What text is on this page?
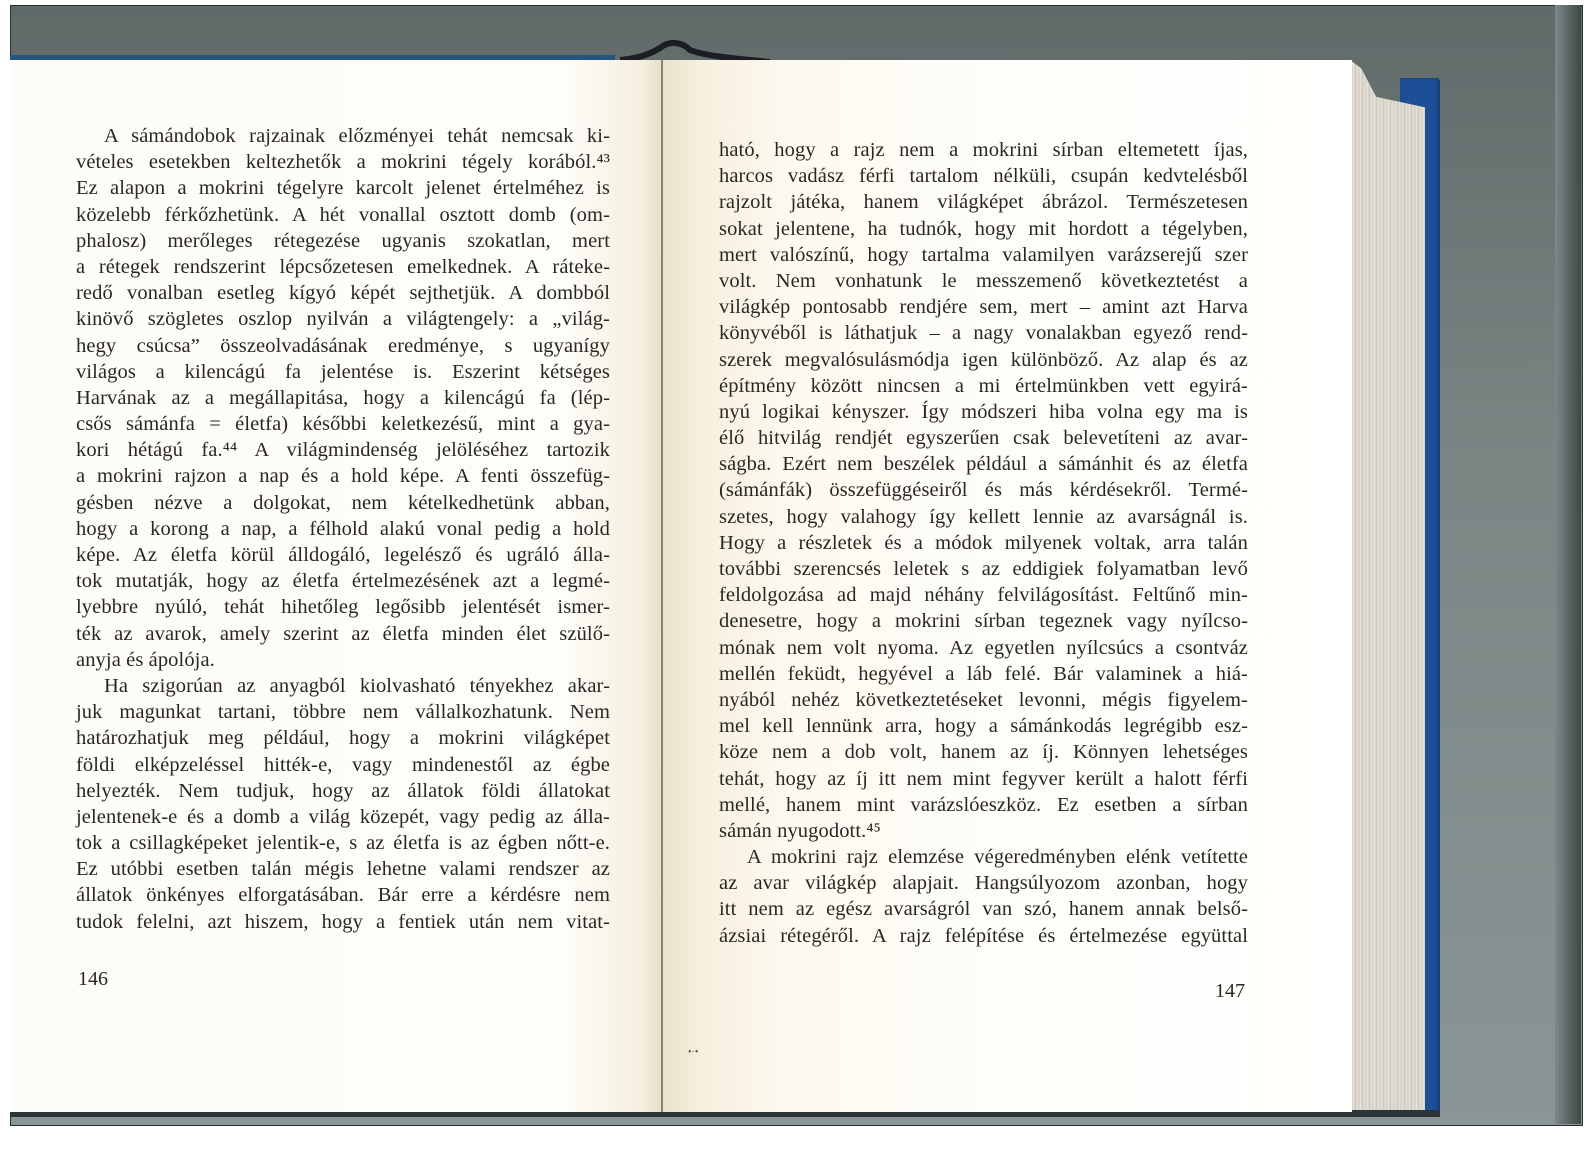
A sámándobok rajzainak előzményei tehát nemcsak ki-
vételes esetekben keltezhetők a mokrini tégely korából.⁴³
Ez alapon a mokrini tégelyre karcolt jelenet értelméhez is
közelebb férkőzhetünk. A hét vonallal osztott domb (om-
phalosz) merőleges rétegezése ugyanis szokatlan, mert
a rétegek rendszerint lépcsőzetesen emelkednek. A ráteke-
redő vonalban esetleg kígyó képét sejthetjük. A dombból
kinövő szögletes oszlop nyilván a világtengely: a „világ-
hegy csúcsa” összeolvadásának eredménye, s ugyanígy
világos a kilencágú fa jelentése is. Eszerint kétséges
Harvának az a megállapitása, hogy a kilencágú fa (lép-
csős sámánfa = életfa) későbbi keletkezésű, mint a gya-
kori hétágú fa.⁴⁴ A világmindenség jelöléséhez tartozik
a mokrini rajzon a nap és a hold képe. A fenti összefüg-
gésben nézve a dolgokat, nem kételkedhetünk abban,
hogy a korong a nap, a félhold alakú vonal pedig a hold
képe. Az életfa körül álldogáló, legelésző és ugráló álla-
tok mutatják, hogy az életfa értelmezésének azt a legmé-
lyebbre nyúló, tehát hihetőleg legősibb jelentését ismer-
ték az avarok, amely szerint az életfa minden élet szülő-
anyja és ápolója.
Ha szigorúan az anyagból kiolvasható tényekhez akar-
juk magunkat tartani, többre nem vállalkozhatunk. Nem
határozhatjuk meg például, hogy a mokrini világképet
földi elképzeléssel hitték-e, vagy mindenestől az égbe
helyezték. Nem tudjuk, hogy az állatok földi állatokat
jelentenek-e és a domb a világ közepét, vagy pedig az álla-
tok a csillagképeket jelentik-e, s az életfa is az égben nőtt-e.
Ez utóbbi esetben talán mégis lehetne valami rendszer az
állatok önkényes elforgatásában. Bár erre a kérdésre nem
tudok felelni, azt hiszem, hogy a fentiek után nem vitat-
ható, hogy a rajz nem a mokrini sírban eltemetett íjas,
harcos vadász férfi tartalom nélküli, csupán kedvtelésből
rajzolt játéka, hanem világképet ábrázol. Természetesen
sokat jelentene, ha tudnók, hogy mit hordott a tégelyben,
mert valószínű, hogy tartalma valamilyen varázserejű szer
volt. Nem vonhatunk le messzemenő következtetést a
világkép pontosabb rendjére sem, mert – amint azt Harva
könyvéből is láthatjuk – a nagy vonalakban egyező rend-
szerek megvalósulásmódja igen különböző. Az alap és az
építmény között nincsen a mi értelmünkben vett egyirá-
nyú logikai kényszer. Így módszeri hiba volna egy ma is
élő hitvilág rendjét egyszerűen csak belevetíteni az avar-
ságba. Ezért nem beszélek például a sámánhit és az életfa
(sámánfák) összefüggéseiről és más kérdésekről. Termé-
szetes, hogy valahogy így kellett lennie az avarságnál is.
Hogy a részletek és a módok milyenek voltak, arra talán
további szerencsés leletek s az eddigiek folyamatban levő
feldolgozása ad majd néhány felvilágosítást. Feltűnő min-
denesetre, hogy a mokrini sírban tegeznek vagy nyílcso-
mónak nem volt nyoma. Az egyetlen nyílcsúcs a csontváz
mellén feküdt, hegyével a láb felé. Bár valaminek a hiá-
nyából nehéz következtetéseket levonni, mégis figyelem-
mel kell lennünk arra, hogy a sámánkodás legrégibb esz-
köze nem a dob volt, hanem az íj. Könnyen lehetséges
tehát, hogy az íj itt nem mint fegyver került a halott férfi
mellé, hanem mint varázslóeszköz. Ez esetben a sírban
sámán nyugodott.⁴⁵
A mokrini rajz elemzése végeredményben elénk vetítette
az avar világkép alapjait. Hangsúlyozom azonban, hogy
itt nem az egész avarságról van szó, hanem annak belső-
ázsiai rétegéről. A rajz felépítése és értelmezése együttal
146
147
•·•
